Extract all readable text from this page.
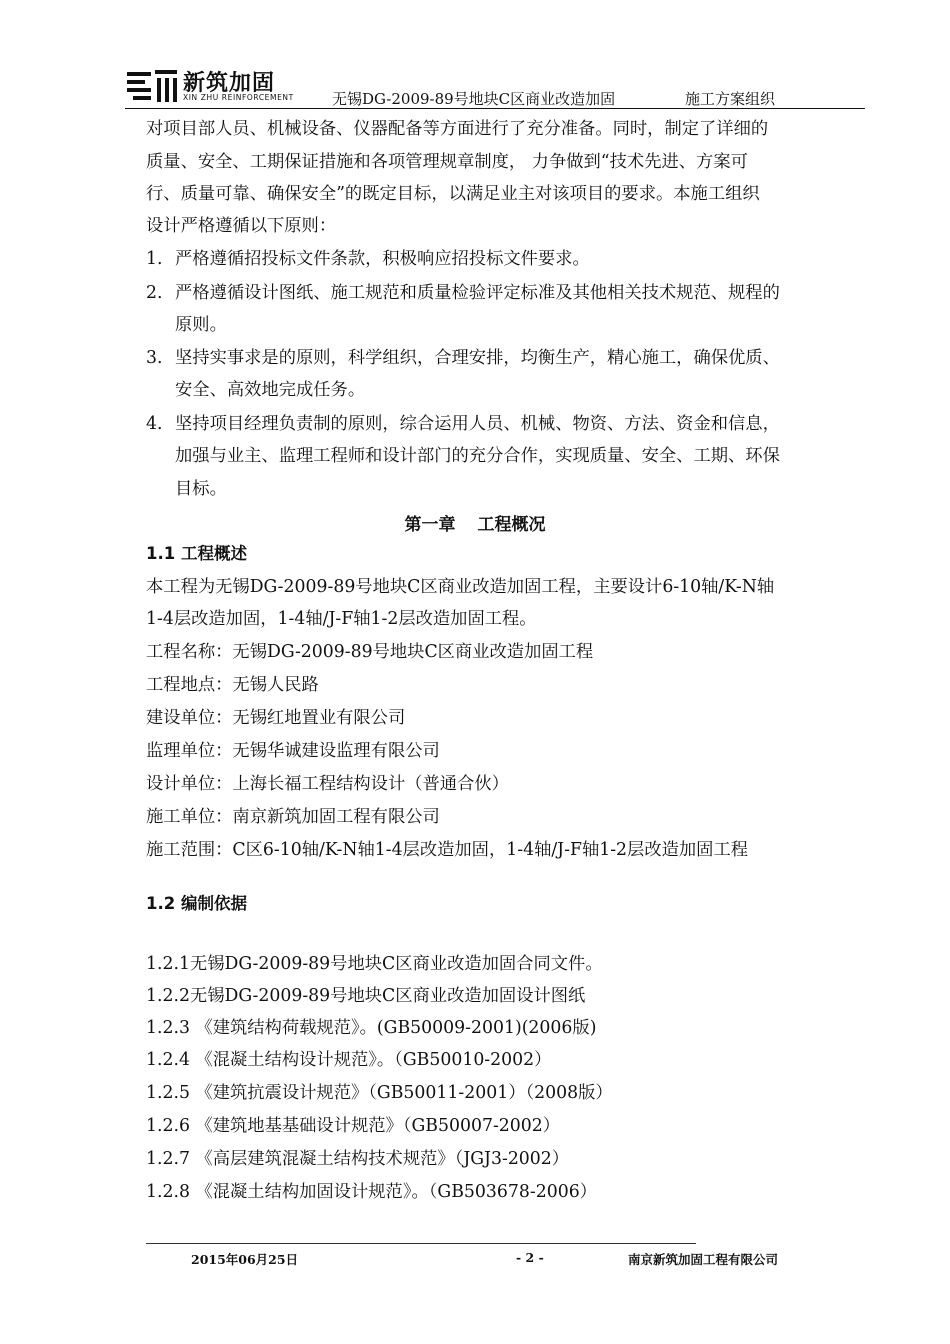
新筑加固
XIN ZHU REINFORCEMENT	无锡DG-2009-89号地块C区商业改造加固	施工方案组织
对项目部人员、机械设备、仪器配备等方面进行了充分准备。同时，制定了详细的
质量、安全、工期保证措施和各项管理规章制度， 力争做到“技术先进、方案可
行、质量可靠、确保安全”的既定目标，以满足业主对该项目的要求。本施工组织
设计严格遵循以下原则：
1. 严格遵循招投标文件条款，积极响应招投标文件要求。
2. 严格遵循设计图纸、施工规范和质量检验评定标准及其他相关技术规范、规程的
原则。
3. 坚持实事求是的原则，科学组织，合理安排，均衡生产，精心施工，确保优质、
安全、高效地完成任务。
4. 坚持项目经理负责制的原则，综合运用人员、机械、物资、方法、资金和信息，
加强与业主、监理工程师和设计部门的充分合作，实现质量、安全、工期、环保
目标。
第一章 工程概况
1.1 工程概述
本工程为无锡DG-2009-89号地块C区商业改造加固工程，主要设计6-10轴/K-N轴
1-4层改造加固，1-4轴/J-F轴1-2层改造加固工程。
工程名称：无锡DG-2009-89号地块C区商业改造加固工程
工程地点：无锡人民路
建设单位：无锡红地置业有限公司
监理单位：无锡华诚建设监理有限公司
设计单位：上海长福工程结构设计（普通合伙）
施工单位：南京新筑加固工程有限公司
施工范围：C区6-10轴/K-N轴1-4层改造加固，1-4轴/J-F轴1-2层改造加固工程
1.2 编制依据
1.2.1无锡DG-2009-89号地块C区商业改造加固合同文件。
1.2.2无锡DG-2009-89号地块C区商业改造加固设计图纸
1.2.3 《建筑结构荷载规范》。(GB50009-2001)(2006版)
1.2.4 《混凝土结构设计规范》。（GB50010-2002）
1.2.5 《建筑抗震设计规范》（GB50011-2001）（2008版）
1.2.6 《建筑地基基础设计规范》（GB50007-2002）
1.2.7 《高层建筑混凝土结构技术规范》（JGJ3-2002）
1.2.8 《混凝土结构加固设计规范》。（GB503678-2006）
2015年06月25日	- 2 -	南京新筑加固工程有限公司
